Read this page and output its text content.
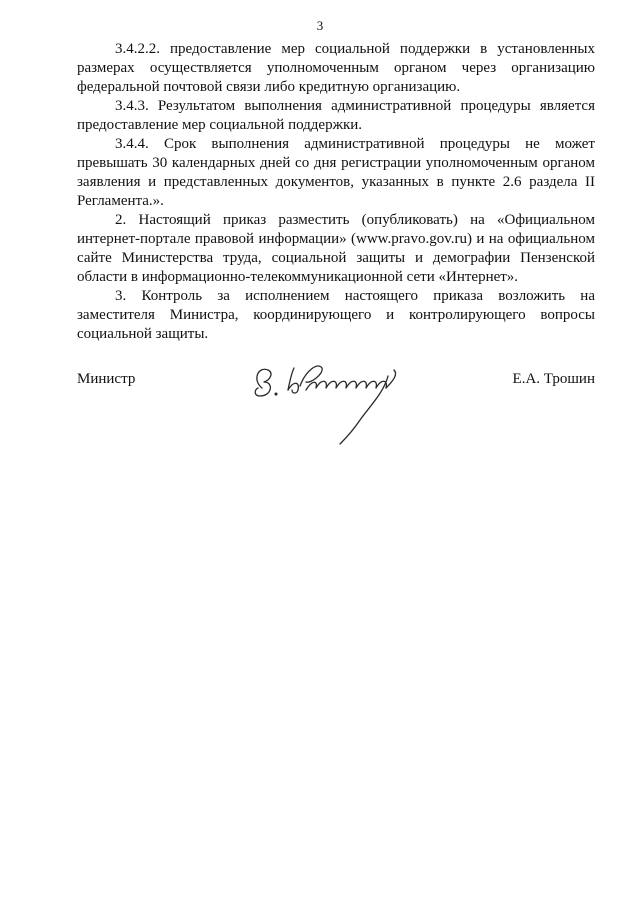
3

3.4.2.2. предоставление мер социальной поддержки в установленных размерах осуществляется уполномоченным органом через организацию федеральной почтовой связи либо кредитную организацию.

3.4.3. Результатом выполнения административной процедуры является предоставление мер социальной поддержки.

3.4.4. Срок выполнения административной процедуры не может превышать 30 календарных дней со дня регистрации уполномоченным органом заявления и представленных документов, указанных в пункте 2.6 раздела II Регламента.».

2. Настоящий приказ разместить (опубликовать) на «Официальном интернет-портале правовой информации» (www.pravo.gov.ru) и на официальном сайте Министерства труда, социальной защиты и демографии Пензенской области в информационно-телекоммуникационной сети «Интернет».

3. Контроль за исполнением настоящего приказа возложить на заместителя Министра, координирующего и контролирующего вопросы социальной защиты.

Министр	Е.А. Трошин
